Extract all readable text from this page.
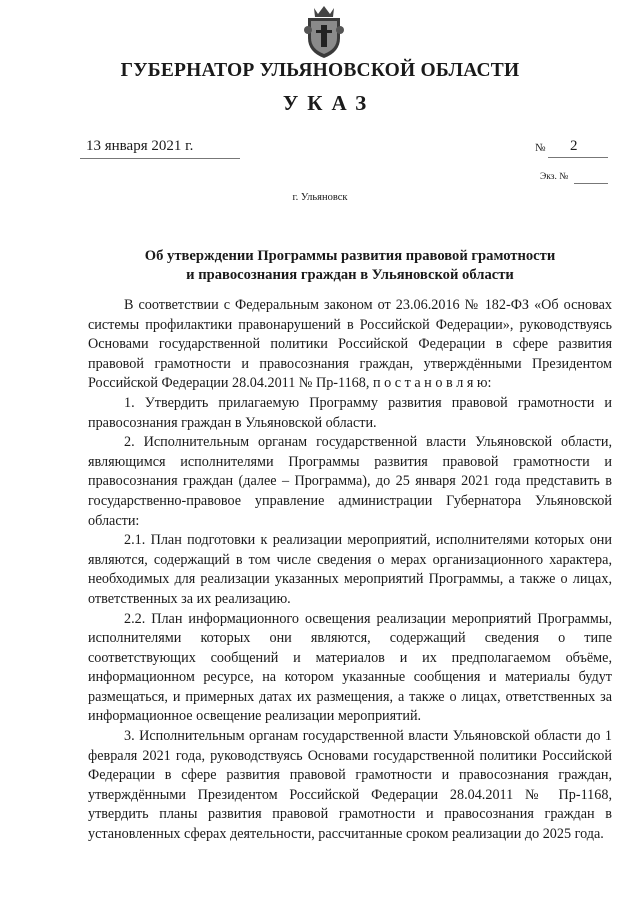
ГУБЕРНАТОР УЛЬЯНОВСКОЙ ОБЛАСТИ
УКАЗ
13 января 2021 г.	№ 2
Экз. №
г. Ульяновск
Об утверждении Программы развития правовой грамотности
и правосознания граждан в Ульяновской области

В соответствии с Федеральным законом от 23.06.2016 № 182-ФЗ «Об основах системы профилактики правонарушений в Российской Федерации», руководствуясь Основами государственной политики Российской Федерации в сфере развития правовой грамотности и правосознания граждан, утверждёнными Президентом Российской Федерации 28.04.2011 № Пр-1168, п о с т а н о в л я ю:

1. Утвердить прилагаемую Программу развития правовой грамотности и правосознания граждан в Ульяновской области.

2. Исполнительным органам государственной власти Ульяновской области, являющимся исполнителями Программы развития правовой грамотности и правосознания граждан (далее – Программа), до 25 января 2021 года представить в государственно-правовое управление администрации Губернатора Ульяновской области:

2.1. План подготовки к реализации мероприятий, исполнителями которых они являются, содержащий в том числе сведения о мерах организационного характера, необходимых для реализации указанных мероприятий Программы, а также о лицах, ответственных за их реализацию.

2.2. План информационного освещения реализации мероприятий Программы, исполнителями которых они являются, содержащий сведения о типе соответствующих сообщений и материалов и их предполагаемом объёме, информационном ресурсе, на котором указанные сообщения и материалы будут размещаться, и примерных датах их размещения, а также о лицах, ответственных за информационное освещение реализации мероприятий.

3. Исполнительным органам государственной власти Ульяновской области до 1 февраля 2021 года, руководствуясь Основами государственной политики Российской Федерации в сфере развития правовой грамотности и правосознания граждан, утверждёнными Президентом Российской Федерации 28.04.2011 № Пр-1168, утвердить планы развития правовой грамотности и правосознания граждан в установленных сферах деятельности, рассчитанные сроком реализации до 2025 года.
